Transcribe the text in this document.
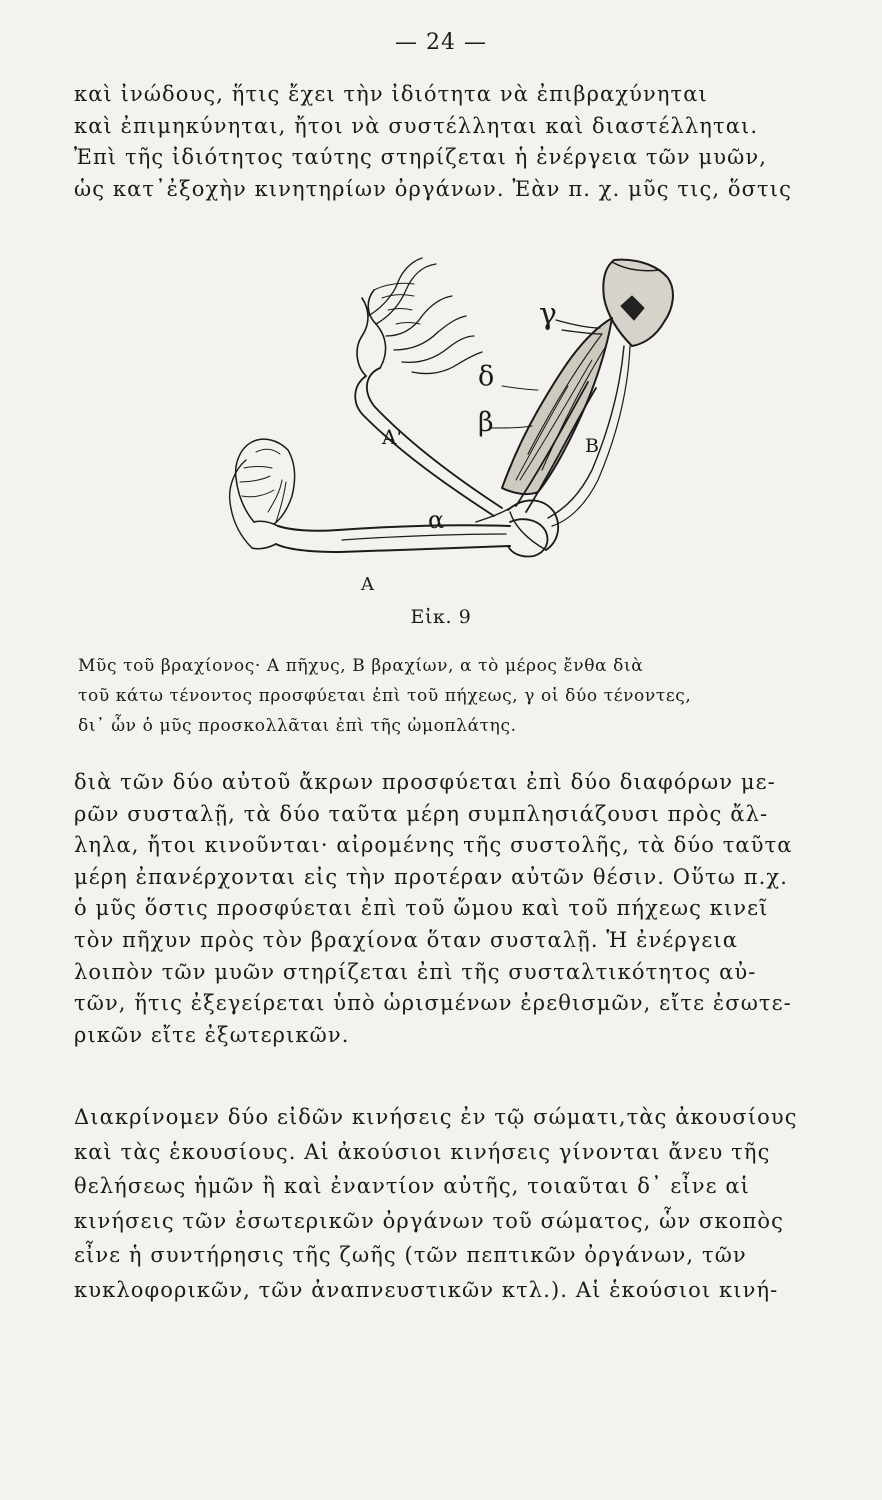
— 24 —
καὶ ἰνώδους, ἥτις ἔχει τὴν ἰδιότητα νὰ ἐπιβραχύνηται
καὶ ἐπιμηκύνηται, ἤτοι νὰ συστέλληται καὶ διαστέλληται.
Ἐπὶ τῆς ἰδιότητος ταύτης στηρίζεται ἡ ἐνέργεια τῶν μυῶν,
ὡς κατ᾽ἐξοχὴν κινητηρίων ὀργάνων. Ἐὰν π. χ. μῦς τις, ὅστις
γ
δ
β
A'	B
α
A
Εἰκ. 9
Μῦς τοῦ βραχίονος· Α πῆχυς, Β βραχίων, α τὸ μέρος ἔνθα διὰ
τοῦ κάτω τένοντος προσφύεται ἐπὶ τοῦ πήχεως, γ οἱ δύο τένοντες,
δι᾽ ὧν ὁ μῦς προσκολλᾶται ἐπὶ τῆς ὠμοπλάτης.
διὰ τῶν δύο αὐτοῦ ἄκρων προσφύεται ἐπὶ δύο διαφόρων με-
ρῶν συσταλῇ, τὰ δύο ταῦτα μέρη συμπλησιάζουσι πρὸς ἄλ-
ληλα, ἤτοι κινοῦνται· αἰρομένης τῆς συστολῆς, τὰ δύο ταῦτα
μέρη ἐπανέρχονται εἰς τὴν προτέραν αὐτῶν θέσιν. Οὕτω π.χ.
ὁ μῦς ὅστις προσφύεται ἐπὶ τοῦ ὤμου καὶ τοῦ πήχεως κινεῖ
τὸν πῆχυν πρὸς τὸν βραχίονα ὅταν συσταλῇ. Ἡ ἐνέργεια
λοιπὸν τῶν μυῶν στηρίζεται ἐπὶ τῆς συσταλτικότητος αὐ-
τῶν, ἥτις ἐξεγείρεται ὑπὸ ὡρισμένων ἐρεθισμῶν, εἴτε ἐσωτε-
ρικῶν εἴτε ἐξωτερικῶν.
Διακρίνομεν δύο εἰδῶν κινήσεις ἐν τῷ σώματι,τὰς ἀκουσίους
καὶ τὰς ἑκουσίους. Αἱ ἀκούσιοι κινήσεις γίνονται ἄνευ τῆς
θελήσεως ἡμῶν ἢ καὶ ἐναντίον αὐτῆς, τοιαῦται δ᾽ εἶνε αἱ
κινήσεις τῶν ἐσωτερικῶν ὀργάνων τοῦ σώματος, ὧν σκοπὸς
εἶνε ἡ συντήρησις τῆς ζωῆς (τῶν πεπτικῶν ὀργάνων, τῶν
κυκλοφορικῶν, τῶν ἀναπνευστικῶν κτλ.). Αἱ ἑκούσιοι κινή-
